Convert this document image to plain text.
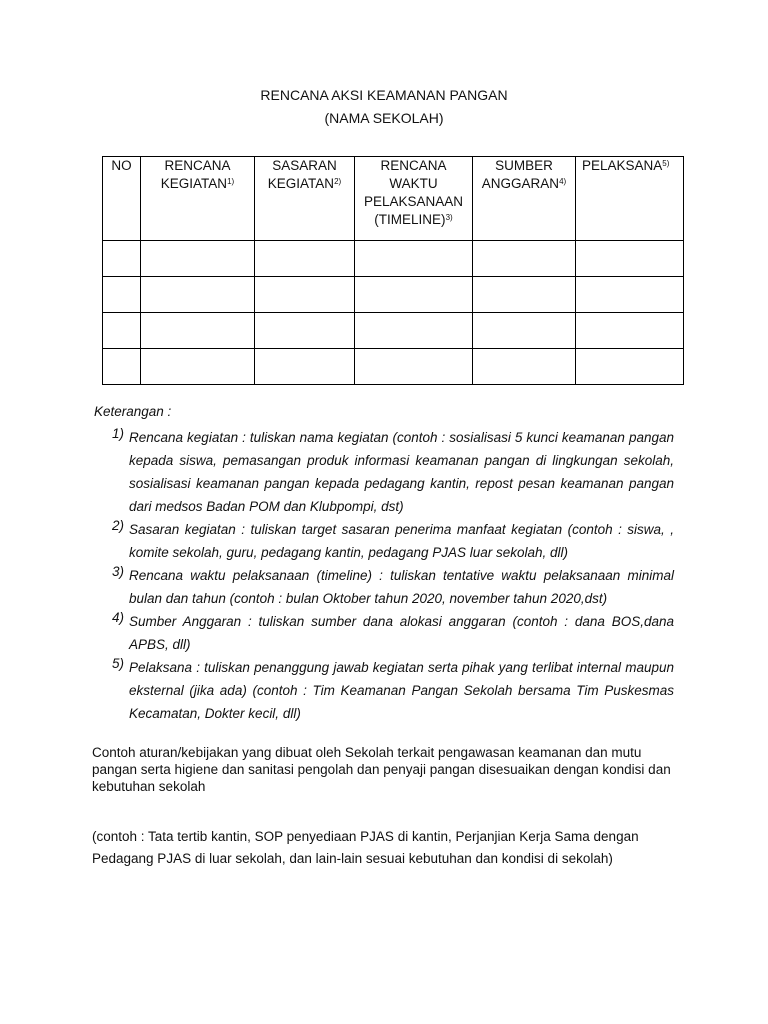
RENCANA AKSI KEAMANAN PANGAN
(NAMA SEKOLAH)
NO	RENCANA KEGIATAN$^{1)}$	SASARAN KEGIATAN$^{2)}$	RENCANA WAKTU PELAKSANAAN (TIMELINE)$^{3)}$	SUMBER ANGGARAN$^{4)}$	PELAKSANA$^{5)}$

Keterangan :
1) Rencana kegiatan : tuliskan nama kegiatan (contoh : sosialisasi 5 kunci keamanan pangan kepada siswa, pemasangan produk informasi keamanan pangan di lingkungan sekolah, sosialisasi keamanan pangan kepada pedagang kantin, repost pesan keamanan pangan dari medsos Badan POM dan Klubpompi, dst)
2) Sasaran kegiatan : tuliskan target sasaran penerima manfaat kegiatan (contoh : siswa, , komite sekolah, guru, pedagang kantin, pedagang PJAS luar sekolah, dll)
3) Rencana waktu pelaksanaan (timeline) : tuliskan tentative waktu pelaksanaan minimal bulan dan tahun (contoh : bulan Oktober tahun 2020, november tahun 2020,dst)
4) Sumber Anggaran : tuliskan sumber dana alokasi anggaran (contoh : dana BOS,dana APBS, dll)
5) Pelaksana : tuliskan penanggung jawab kegiatan serta pihak yang terlibat internal maupun eksternal (jika ada) (contoh : Tim Keamanan Pangan Sekolah bersama Tim Puskesmas Kecamatan, Dokter kecil, dll)
Contoh aturan/kebijakan yang dibuat oleh Sekolah terkait pengawasan keamanan dan mutu pangan serta higiene dan sanitasi pengolah dan penyaji pangan disesuaikan dengan kondisi dan kebutuhan sekolah
(contoh : Tata tertib kantin, SOP penyediaan PJAS di kantin, Perjanjian Kerja Sama dengan Pedagang PJAS di luar sekolah, dan lain-lain sesuai kebutuhan dan kondisi di sekolah)
